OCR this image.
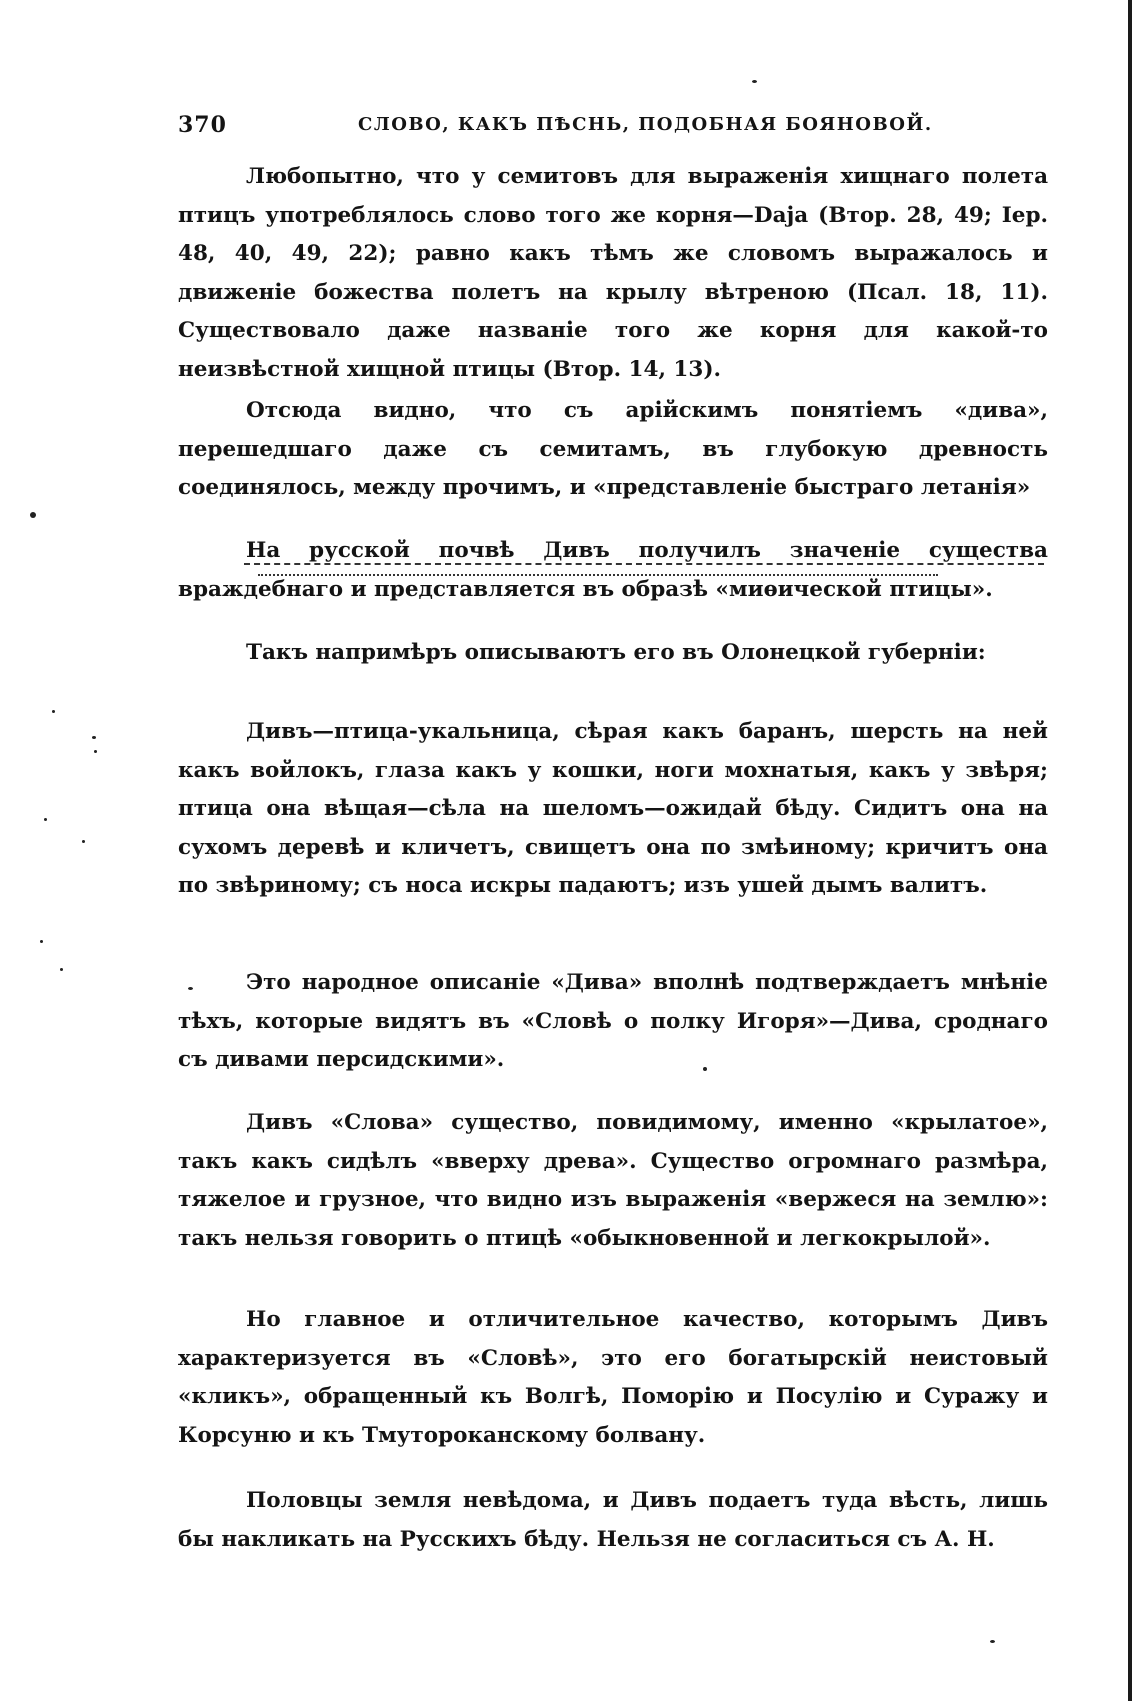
370	СЛОВО, КАКЪ ПѢСНЬ, ПОДОБНАЯ БОЯНОВОЙ.

Любопытно, что у семитовъ для выраженія хищнаго полета птицъ употреблялось слово того же корня—Daja (Втор. 28, 49; Іер. 48, 40, 49, 22); равно какъ тѣмъ же словомъ выражалось и движеніе божества полетъ на крылу вѣтреною (Псал. 18, 11). Существовало даже названіе того же корня для какой-то неизвѣстной хищной птицы (Втор. 14, 13).

Отсюда видно, что съ арійскимъ понятіемъ «дива», перешедшаго даже съ семитамъ, въ глубокую древность соединялось, между прочимъ, и «представленіе быстраго летанія»

На русской почвѣ Дивъ получилъ значеніе существа враждебнаго и представляется въ образѣ «миѳической птицы».

Такъ напримѣръ описываютъ его въ Олонецкой губерніи:

Дивъ—птица-укальница, сѣрая какъ баранъ, шерсть на ней какъ войлокъ, глаза какъ у кошки, ноги мохнатыя, какъ у звѣря; птица она вѣщая—сѣла на шеломъ—ожидай бѣду. Сидитъ она на сухомъ деревѣ и кличетъ, свищетъ она по змѣиному; кричитъ она по звѣриному; съ носа искры падаютъ; изъ ушей дымъ валитъ.

Это народное описаніе «Дива» вполнѣ подтверждаетъ мнѣніе тѣхъ, которые видятъ въ «Словѣ о полку Игоря»—Дива, сроднаго съ дивами персидскими».

Дивъ «Слова» существо, повидимому, именно «крылатое», такъ какъ сидѣлъ «вверху древа». Существо огромнаго размѣра, тяжелое и грузное, что видно изъ выраженія «вержеся на землю»: такъ нельзя говорить о птицѣ «обыкновенной и легкокрылой».

Но главное и отличительное качество, которымъ Дивъ характеризуется въ «Словѣ», это его богатырскій неистовый «кликъ», обращенный къ Волгѣ, Поморію и Посулію и Суражу и Корсуню и къ Тмутороканскому болвану.

Половцы земля невѣдома, и Дивъ подаетъ туда вѣсть, лишь бы накликать на Русскихъ бѣду. Нельзя не согласиться съ А. Н.
